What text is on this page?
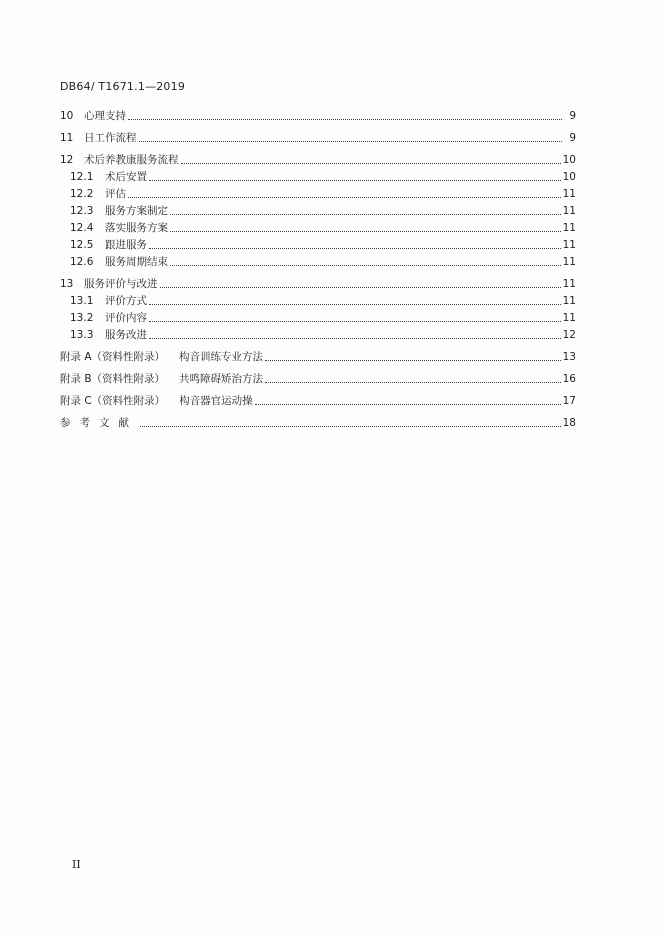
DB64/ T1671.1—2019
10	心理支持	9
11	日工作流程	9
12	术后养教康服务流程	10
12.1	术后安置	10
12.2	评估	11
12.3	服务方案制定	11
12.4	落实服务方案	11
12.5	跟进服务	11
12.6	服务周期结束	11
13	服务评价与改进	11
13.1	评价方式	11
13.2	评价内容	11
13.3	服务改进	12
附录 A（资料性附录） 构音训练专业方法	13
附录 B（资料性附录） 共鸣障碍矫治方法	16
附录 C（资料性附录） 构音器官运动操	17
参考文献	18
II
